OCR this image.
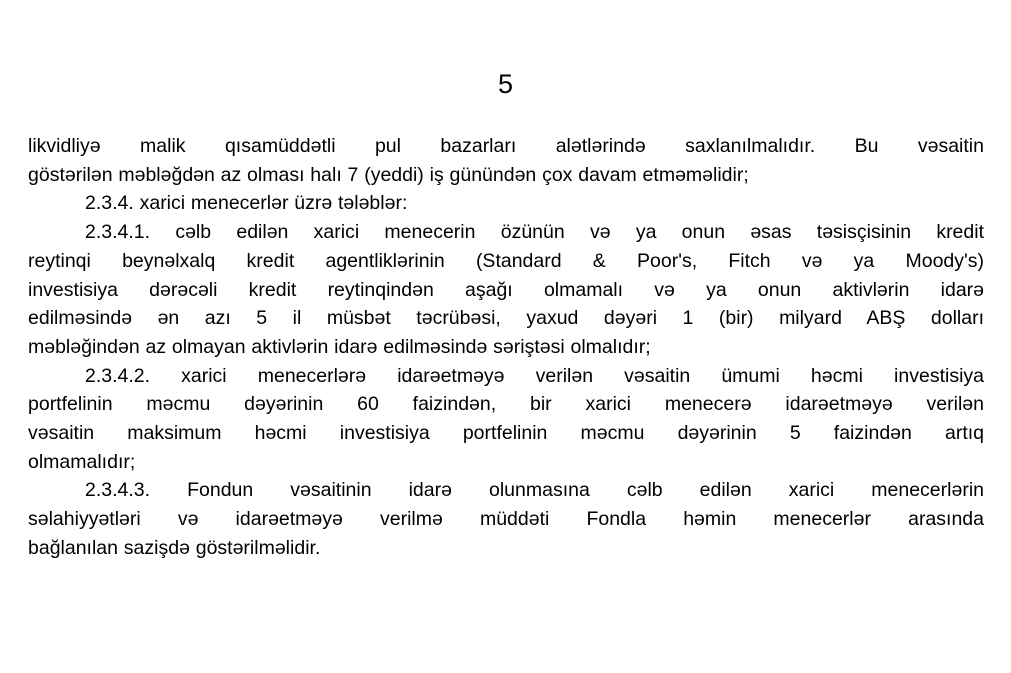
5
likvidliyə malik qısamüddətli pul bazarları alətlərində saxlanılmalıdır. Bu vəsaitin
göstərilən məbləğdən az olması halı 7 (yeddi) iş günündən çox davam etməməlidir;
2.3.4. xarici menecerlər üzrə tələblər:
2.3.4.1. cəlb edilən xarici menecerin özünün və ya onun əsas təsisçisinin kredit
reytinqi beynəlxalq kredit agentliklərinin (Standard & Poor's, Fitch və ya Moody's)
investisiya dərəcəli kredit reytinqindən aşağı olmamalı və ya onun aktivlərin idarə
edilməsində ən azı 5 il müsbət təcrübəsi, yaxud dəyəri 1 (bir) milyard ABŞ dolları
məbləğindən az olmayan aktivlərin idarə edilməsində səriştəsi olmalıdır;
2.3.4.2. xarici menecerlərə idarəetməyə verilən vəsaitin ümumi həcmi investisiya
portfelinin məcmu dəyərinin 60 faizindən, bir xarici menecerə idarəetməyə verilən
vəsaitin maksimum həcmi investisiya portfelinin məcmu dəyərinin 5 faizindən artıq
olmamalıdır;
2.3.4.3. Fondun vəsaitinin idarə olunmasına cəlb edilən xarici menecerlərin
səlahiyyətləri və idarəetməyə verilmə müddəti Fondla həmin menecerlər arasında
bağlanılan sazişdə göstərilməlidir.
